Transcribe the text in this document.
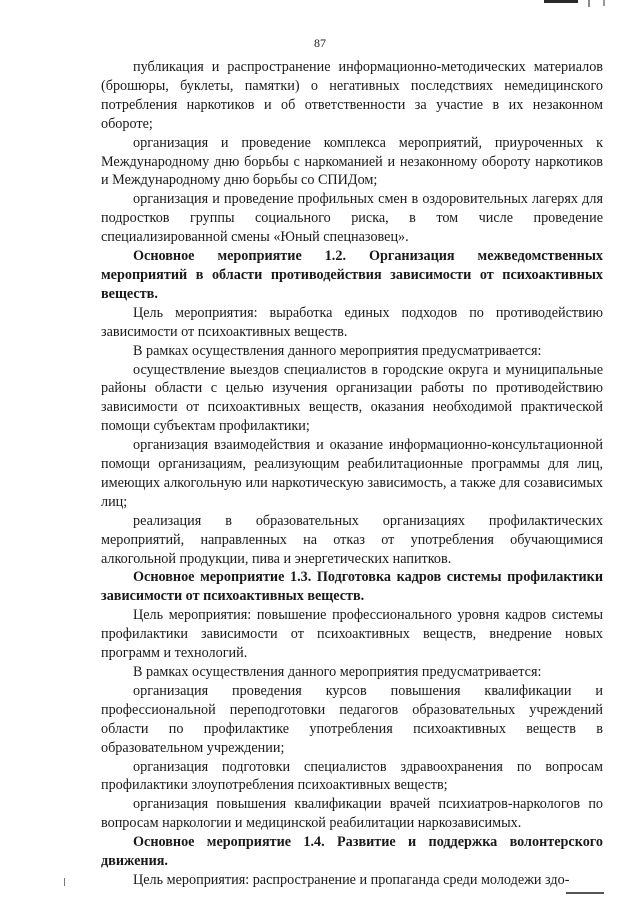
87

публикация и распространение информационно-методических материалов (брошюры, буклеты, памятки) о негативных последствиях немедицинского потребления наркотиков и об ответственности за участие в их незаконном обороте;

организация и проведение комплекса мероприятий, приуроченных к Международному дню борьбы с наркоманией и незаконному обороту наркотиков и Международному дню борьбы со СПИДом;

организация и проведение профильных смен в оздоровительных лагерях для подростков группы социального риска, в том числе проведение специализированной смены «Юный спецназовец».

Основное мероприятие 1.2. Организация межведомственных мероприятий в области противодействия зависимости от психоактивных веществ.

Цель мероприятия: выработка единых подходов по противодействию зависимости от психоактивных веществ.

В рамках осуществления данного мероприятия предусматривается:

осуществление выездов специалистов в городские округа и муниципальные районы области с целью изучения организации работы по противодействию зависимости от психоактивных веществ, оказания необходимой практической помощи субъектам профилактики;

организация взаимодействия и оказание информационно-консультационной помощи организациям, реализующим реабилитационные программы для лиц, имеющих алкогольную или наркотическую зависимость, а также для созависимых лиц;

реализация в образовательных организациях профилактических мероприятий, направленных на отказ от употребления обучающимися алкогольной продукции, пива и энергетических напитков.

Основное мероприятие 1.3. Подготовка кадров системы профилактики зависимости от психоактивных веществ.

Цель мероприятия: повышение профессионального уровня кадров системы профилактики зависимости от психоактивных веществ, внедрение новых программ и технологий.

В рамках осуществления данного мероприятия предусматривается:

организация проведения курсов повышения квалификации и профессиональной переподготовки педагогов образовательных учреждений области по профилактике употребления психоактивных веществ в образовательном учреждении;

организация подготовки специалистов здравоохранения по вопросам профилактики злоупотребления психоактивных веществ;

организация повышения квалификации врачей психиатров-наркологов по вопросам наркологии и медицинской реабилитации наркозависимых.

Основное мероприятие 1.4. Развитие и поддержка волонтерского движения.

Цель мероприятия: распространение и пропаганда среди молодежи здо-
